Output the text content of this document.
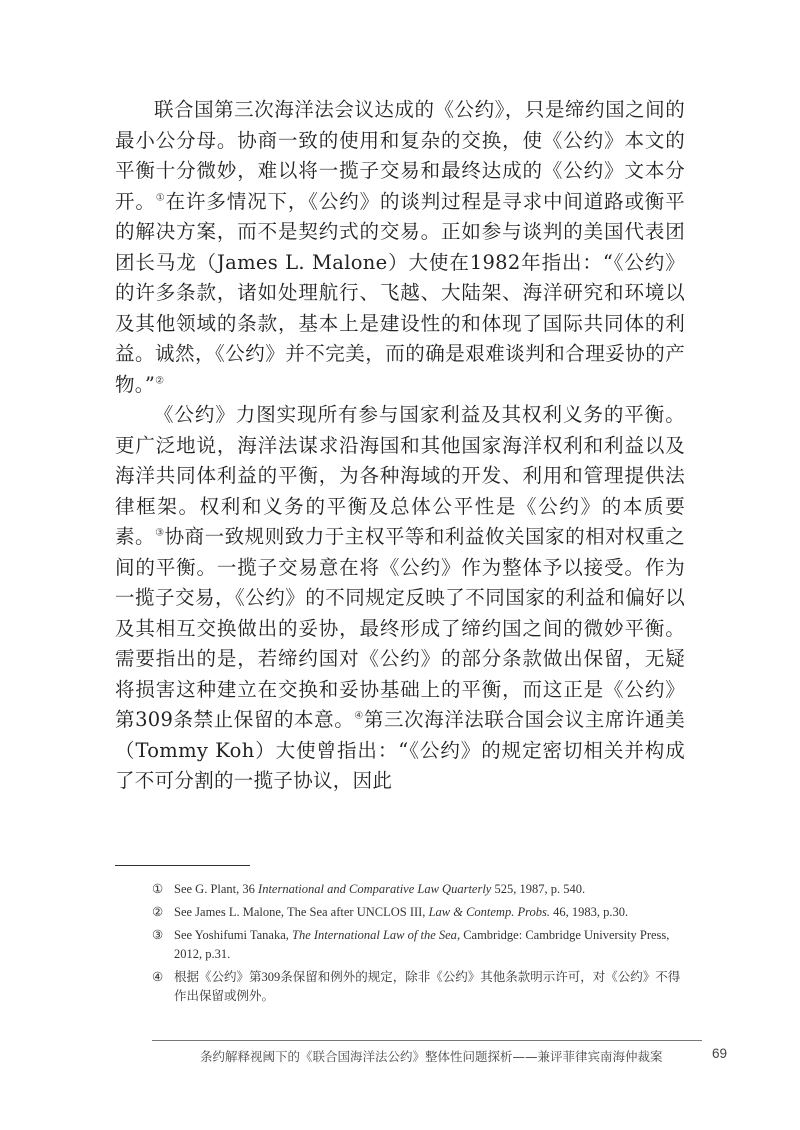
联合国第三次海洋法会议达成的《公约》，只是缔约国之间的最小公分母。协商一致的使用和复杂的交换，使《公约》本文的平衡十分微妙，难以将一揽子交易和最终达成的《公约》文本分开。①在许多情况下，《公约》的谈判过程是寻求中间道路或衡平的解决方案，而不是契约式的交易。正如参与谈判的美国代表团团长马龙（James L. Malone）大使在1982年指出：“《公约》的许多条款，诸如处理航行、飞越、大陆架、海洋研究和环境以及其他领域的条款，基本上是建设性的和体现了国际共同体的利益。诚然，《公约》并不完美，而的确是艰难谈判和合理妥协的产物。”②

《公约》力图实现所有参与国家利益及其权利义务的平衡。更广泛地说，海洋法谋求沿海国和其他国家海洋权利和利益以及海洋共同体利益的平衡，为各种海域的开发、利用和管理提供法律框架。权利和义务的平衡及总体公平性是《公约》的本质要素。③协商一致规则致力于主权平等和利益攸关国家的相对权重之间的平衡。一揽子交易意在将《公约》作为整体予以接受。作为一揽子交易，《公约》的不同规定反映了不同国家的利益和偏好以及其相互交换做出的妥协，最终形成了缔约国之间的微妙平衡。需要指出的是，若缔约国对《公约》的部分条款做出保留，无疑将损害这种建立在交换和妥协基础上的平衡，而这正是《公约》第309条禁止保留的本意。④第三次海洋法联合国会议主席许通美（Tommy Koh）大使曾指出：“《公约》的规定密切相关并构成了不可分割的一揽子协议，因此

① See G. Plant, 36 International and Comparative Law Quarterly 525, 1987, p. 540.
② See James L. Malone, The Sea after UNCLOS III, Law & Contemp. Probs. 46, 1983, p.30.
③ See Yoshifumi Tanaka, The International Law of the Sea, Cambridge: Cambridge University Press, 2012, p.31.
④ 根据《公约》第309条保留和例外的规定，除非《公约》其他条款明示许可，对《公约》不得作出保留或例外。
条约解释视阈下的《联合国海洋法公约》整体性问题探析——兼评菲律宾南海仲裁案	69
